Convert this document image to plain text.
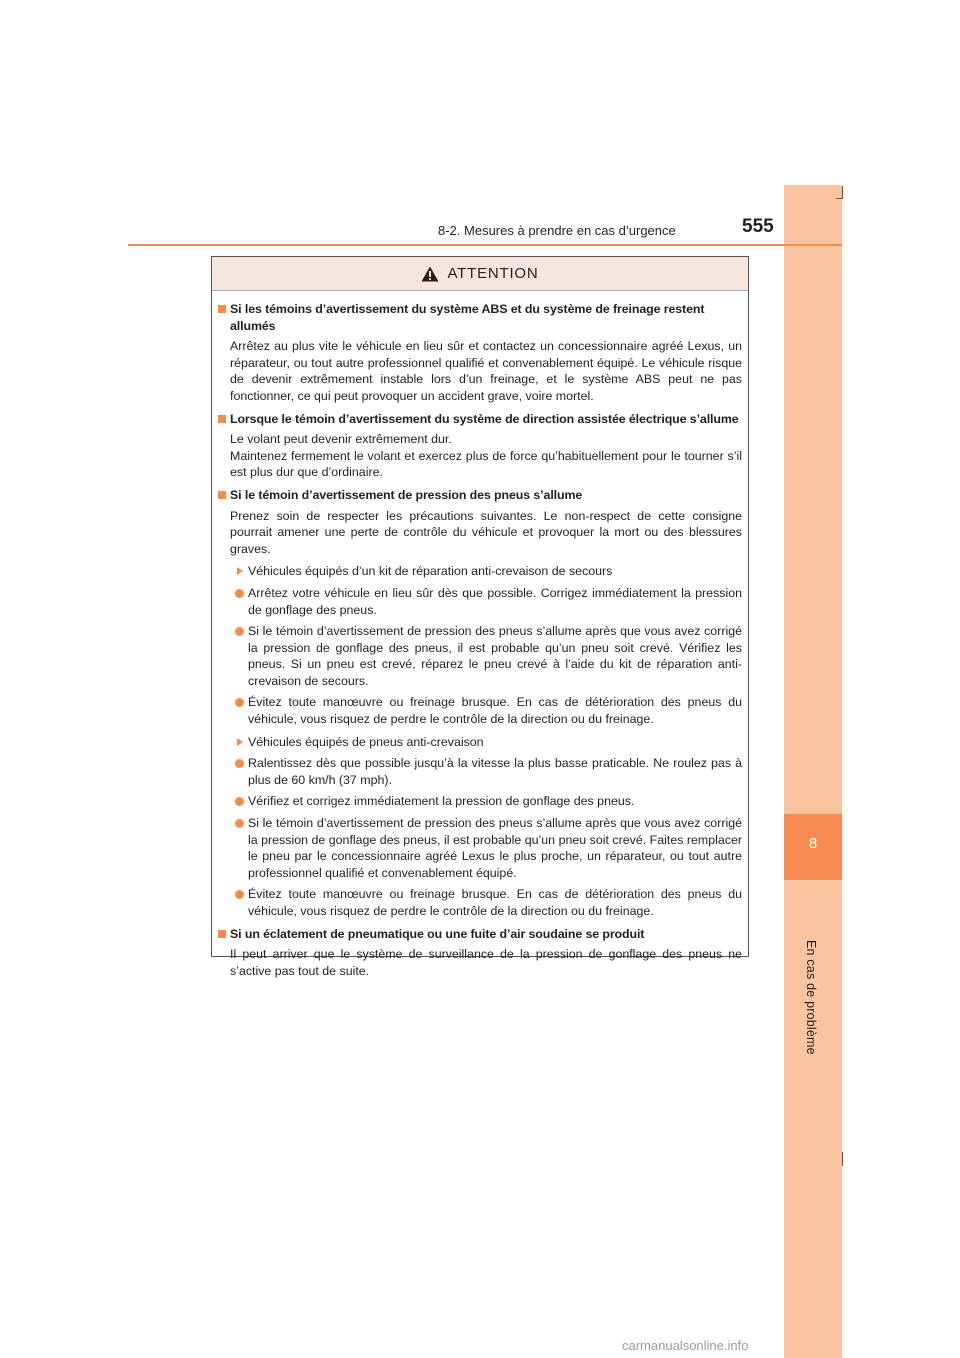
8
En cas de problème
8-2. Mesures à prendre en cas d’urgence	555
ATTENTION
Si les témoins d’avertissement du système ABS et du système de freinage restent allumés
Arrêtez au plus vite le véhicule en lieu sûr et contactez un concessionnaire agréé Lexus, un réparateur, ou tout autre professionnel qualifié et convenablement équipé. Le véhicule risque de devenir extrêmement instable lors d’un freinage, et le système ABS peut ne pas fonctionner, ce qui peut provoquer un accident grave, voire mortel.
Lorsque le témoin d’avertissement du système de direction assistée électrique s’allume
Le volant peut devenir extrêmement dur.
Maintenez fermement le volant et exercez plus de force qu’habituellement pour le tourner s’il est plus dur que d’ordinaire.
Si le témoin d’avertissement de pression des pneus s’allume
Prenez soin de respecter les précautions suivantes. Le non-respect de cette consigne pourrait amener une perte de contrôle du véhicule et provoquer la mort ou des blessures graves.
Véhicules équipés d’un kit de réparation anti-crevaison de secours
Arrêtez votre véhicule en lieu sûr dès que possible. Corrigez immédiatement la pression de gonflage des pneus.
Si le témoin d’avertissement de pression des pneus s’allume après que vous avez corrigé la pression de gonflage des pneus, il est probable qu’un pneu soit crevé. Vérifiez les pneus. Si un pneu est crevé, réparez le pneu crevé à l’aide du kit de réparation anti-crevaison de secours.
Évitez toute manœuvre ou freinage brusque. En cas de détérioration des pneus du véhicule, vous risquez de perdre le contrôle de la direction ou du freinage.
Véhicules équipés de pneus anti-crevaison
Ralentissez dès que possible jusqu’à la vitesse la plus basse praticable. Ne roulez pas à plus de 60 km/h (37 mph).
Vérifiez et corrigez immédiatement la pression de gonflage des pneus.
Si le témoin d’avertissement de pression des pneus s’allume après que vous avez corrigé la pression de gonflage des pneus, il est probable qu’un pneu soit crevé. Faites remplacer le pneu par le concessionnaire agréé Lexus le plus proche, un réparateur, ou tout autre professionnel qualifié et convenablement équipé.
Évitez toute manœuvre ou freinage brusque. En cas de détérioration des pneus du véhicule, vous risquez de perdre le contrôle de la direction ou du freinage.
Si un éclatement de pneumatique ou une fuite d’air soudaine se produit
Il peut arriver que le système de surveillance de la pression de gonflage des pneus ne s’active pas tout de suite.
carmanualsonline.info
